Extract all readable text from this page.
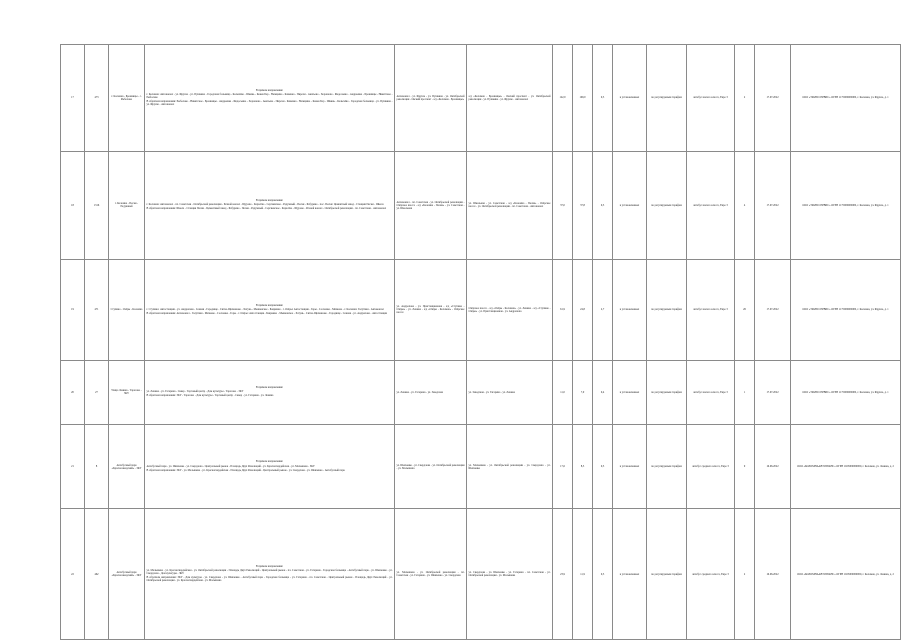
17	473	г. Коломна - Бронницы - с. Рыболово	В прямом направлении:
г. Коломна: Автовокзал - ул. Фрунзе - ул. Пушкина - Городская больница - Колычёво - Шкинь - Конев Бор - Непецино - Каменка - Пирочи - Акатьево - Хорошово - Федосьино - Андреевка - Бронницы - Никитское - Рыболово
В обратном направлении: Рыболово - Никитское - Бронницы - Андреевка - Федосьино - Хорошово - Акатьево - Пирочи - Каменка - Непецино - Конев Бор - Шкинь - Колычёво - Городская больница - ул. Пушкина - ул. Фрунзе - Автовокзал	Автовокзал - ул. Фрунзе - ул. Пушкина - ул. Октябрьской революции - Окский проспект - а/д «Коломна - Бронницы»	а/д «Коломна - Бронницы» - Окский проспект - ул. Октябрьской революции - ул. Пушкина - ул. Фрунзе - Автовокзал	122,0	109,0	0,5	в установленных	по регулируемым тарифам	автобус малого класса, Евро 3	2	17.07.2022	ООО «ТРАНССЕРВИС» ОГРН 1175000000000, г. Коломна, ул. Фрунзе, д. 1
18	1316	г. Коломна - Пески - Радужный	В прямом направлении:
г. Коломна: Автовокзал - пл. Советская - Октябрьской революции - Речной вокзал - Щурово - Карасёво - Сергиевское - Радужный - Пески - Бабурино - пос. Пески: Цементный завод - Станция Пески - Школа
В обратном направлении: Школа - Станция Пески - Цементный завод - Бабурино - Пески - Радужный - Сергиевское - Карасёво - Щурово - Речной вокзал - Октябрьской революции - пл. Советская - Автовокзал	Автовокзал - пл. Советская - ул. Октябрьской революции - Озёрское шоссе - а/д «Коломна - Пески» - ул. Советская - ул. Школьная	ул. Школьная - ул. Советская - а/д «Коломна - Пески» - Озёрское шоссе - ул. Октябрьской революции - пл. Советская - Автовокзал	37,0	37,8	0,5	в установленных	по регулируемым тарифам	автобус малого класса, Евро 3	4	17.07.2022	ООО «ТРАНССЕРВИС» ОГРН 1175000000000, г. Коломна, ул. Фрунзе, д. 1
19	471	Ступино - Озёры - Коломна	В прямом направлении:
г. Ступино: Автостанция - ул. Андропова - Сенная - Городище - Ситне-Щелканово - Хатунь - Мышенское - Бояркино - г. Озёры: Автостанция - Горы - Сосновка - Мячково - г. Коломна: Голутвин - Автовокзал
В обратном направлении: Автовокзал - Голутвин - Мячково - Сосновка - Горы - г. Озёры: Автостанция - Бояркино - Мышенское - Хатунь - Ситне-Щелканово - Городище - Сенная - ул. Андропова - Автостанция	ул. Андропова - ул. Пристанционная - а/д «Ступино - Озёры» - ул. Ленина - а/д «Озёры - Коломна» - Озёрское шоссе	Озёрское шоссе - а/д «Озёры - Коломна» - ул. Ленина - а/д «Ступино - Озёры» - ул. Пристанционная - ул. Андропова	61,9	24,8	2,7	в установленных	по регулируемым тарифам	автобус малого класса, Евро 3	26	17.07.2022	ООО «ТРАНССЕРВИС» ОГРН 1175000000000, г. Коломна, ул. Фрунзе, д. 1
20	27	Улица Ленина - Тарасово - ЗКУ	В прямом направлении:
ул. Ленина - ул. Гагарина - Сквер - Торговый центр - Дом культуры - Тарасово - ЗКУ
В обратном направлении: ЗКУ - Тарасово - Дом культуры - Торговый центр - Сквер - ул. Гагарина - ул. Ленина	ул. Ленина - ул. Гагарина - ул. Заводская	ул. Заводская - ул. Гагарина - ул. Ленина	11,0	7,0	0,4	в установленных	по регулируемым тарифам	автобус малого класса, Евро 3	1	17.07.2022	ООО «ТРАНССЕРВИС» ОГРН 1175000000000, г. Коломна, ул. Фрунзе, д. 1
21	8	Автобусный парк «Краснозаводский» - ЗКУ	В прямом направлении:
Автобусный парк - ул. Шевченко - ул. Свердлова - Центральный рынок - Площадь Двух Революций - ул. Красногвардейская - ул. Малышева - ЗКУ
В обратном направлении: ЗКУ - ул. Малышева - ул. Красногвардейская - Площадь Двух Революций - Центральный рынок - ул. Свердлова - ул. Шевченко - Автобусный парк	ул. Шевченко - ул. Свердлова - ул. Октябрьской революции - ул. Малышева	ул. Малышева - ул. Октябрьской революции - ул. Свердлова - ул. Шевченко	17,6	8,5	0,5	в установленных	по регулируемым тарифам	автобус среднего класса, Евро 3	9	16.06.2022	ООО «КОЛОМНААВТОТРАНС» ОГРН 1025000000000, г. Коломна, ул. Ленина, д. 2
22	462	Автобусный парк «Краснозаводский» - ЗКУ	В прямом направлении:
ул. Малышева - ул. Красногвардейская - ул. Октябрьской революции - Площадь Двух Революций - Центральный рынок - пл. Советская - ул. Гагарина - Городская больница - Автобусный парк - ул. Шевченко - ул. Свердлова - Дом культуры - ЗКУ
В обратном направлении: ЗКУ - Дом культуры - ул. Свердлова - ул. Шевченко - Автобусный парк - Городская больница - ул. Гагарина - пл. Советская - Центральный рынок - Площадь Двух Революций - ул. Октябрьской революции - ул. Красногвардейская - ул. Малышева	ул. Малышева - ул. Октябрьской революции - пл. Советская - ул. Гагарина - ул. Шевченко - ул. Свердлова	ул. Свердлова - ул. Шевченко - ул. Гагарина - пл. Советская - ул. Октябрьской революции - ул. Малышева	23,9	11,9	0,5	в установленных	по регулируемым тарифам	автобус среднего класса, Евро 3	2	16.06.2022	ООО «КОЛОМНААВТОТРАНС» ОГРН 1025000000000, г. Коломна, ул. Ленина, д. 2
